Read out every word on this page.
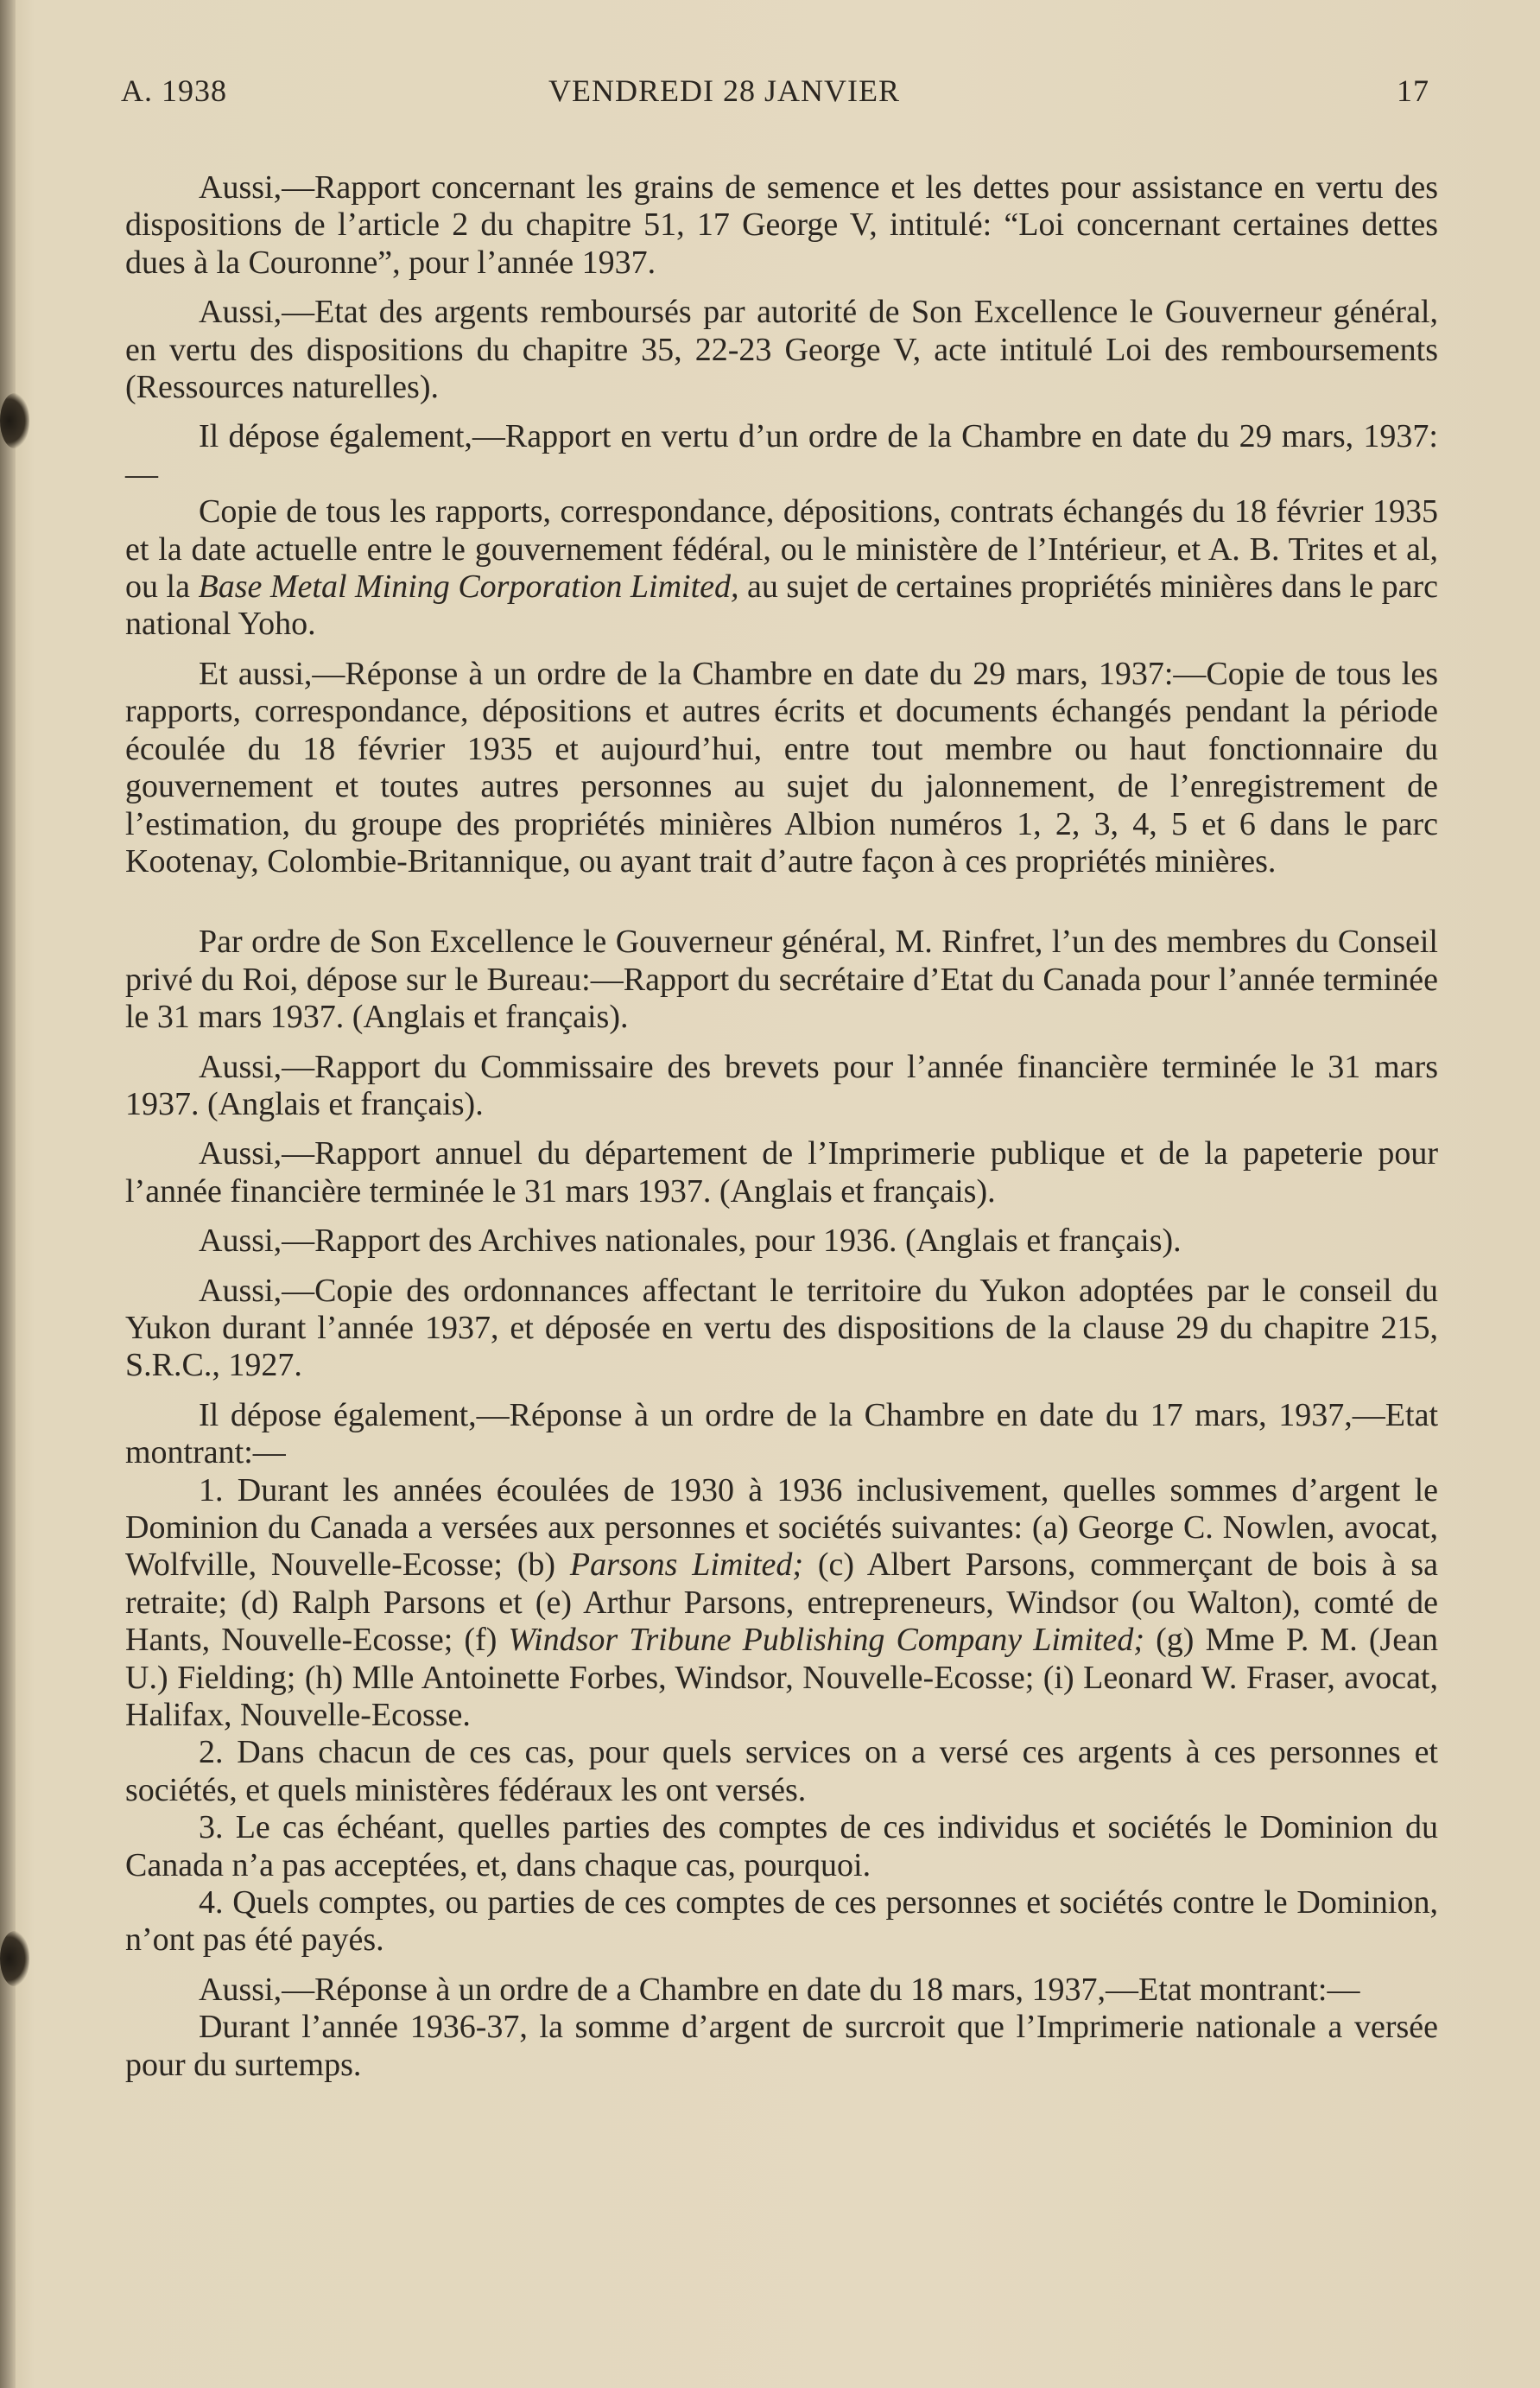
A. 1938	VENDREDI 28 JANVIER	17

Aussi,—Rapport concernant les grains de semence et les dettes pour assistance en vertu des dispositions de l’article 2 du chapitre 51, 17 George V, intitulé: “Loi concernant certaines dettes dues à la Couronne”, pour l’année 1937.

Aussi,—Etat des argents remboursés par autorité de Son Excellence le Gouverneur général, en vertu des dispositions du chapitre 35, 22-23 George V, acte intitulé Loi des remboursements (Ressources naturelles).

Il dépose également,—Rapport en vertu d’un ordre de la Chambre en date du 29 mars, 1937:—

Copie de tous les rapports, correspondance, dépositions, contrats échangés du 18 février 1935 et la date actuelle entre le gouvernement fédéral, ou le ministère de l’Intérieur, et A. B. Trites et al, ou la Base Metal Mining Corporation Limited, au sujet de certaines propriétés minières dans le parc national Yoho.

Et aussi,—Réponse à un ordre de la Chambre en date du 29 mars, 1937:—Copie de tous les rapports, correspondance, dépositions et autres écrits et documents échangés pendant la période écoulée du 18 février 1935 et aujourd’hui, entre tout membre ou haut fonctionnaire du gouvernement et toutes autres personnes au sujet du jalonnement, de l’enregistrement de l’estimation, du groupe des propriétés minières Albion numéros 1, 2, 3, 4, 5 et 6 dans le parc Kootenay, Colombie-Britannique, ou ayant trait d’autre façon à ces propriétés minières.

Par ordre de Son Excellence le Gouverneur général, M. Rinfret, l’un des membres du Conseil privé du Roi, dépose sur le Bureau:—Rapport du secrétaire d’Etat du Canada pour l’année terminée le 31 mars 1937. (Anglais et français).

Aussi,—Rapport du Commissaire des brevets pour l’année financière terminée le 31 mars 1937. (Anglais et français).

Aussi,—Rapport annuel du département de l’Imprimerie publique et de la papeterie pour l’année financière terminée le 31 mars 1937. (Anglais et français).

Aussi,—Rapport des Archives nationales, pour 1936. (Anglais et français).

Aussi,—Copie des ordonnances affectant le territoire du Yukon adoptées par le conseil du Yukon durant l’année 1937, et déposée en vertu des dispositions de la clause 29 du chapitre 215, S.R.C., 1927.

Il dépose également,—Réponse à un ordre de la Chambre en date du 17 mars, 1937,—Etat montrant:—

1. Durant les années écoulées de 1930 à 1936 inclusivement, quelles sommes d’argent le Dominion du Canada a versées aux personnes et sociétés suivantes: (a) George C. Nowlen, avocat, Wolfville, Nouvelle-Ecosse; (b) Parsons Limited; (c) Albert Parsons, commerçant de bois à sa retraite; (d) Ralph Parsons et (e) Arthur Parsons, entrepreneurs, Windsor (ou Walton), comté de Hants, Nouvelle-Ecosse; (f) Windsor Tribune Publishing Company Limited; (g) Mme P. M. (Jean U.) Fielding; (h) Mlle Antoinette Forbes, Windsor, Nouvelle-Ecosse; (i) Leonard W. Fraser, avocat, Halifax, Nouvelle-Ecosse.

2. Dans chacun de ces cas, pour quels services on a versé ces argents à ces personnes et sociétés, et quels ministères fédéraux les ont versés.

3. Le cas échéant, quelles parties des comptes de ces individus et sociétés le Dominion du Canada n’a pas acceptées, et, dans chaque cas, pourquoi.

4. Quels comptes, ou parties de ces comptes de ces personnes et sociétés contre le Dominion, n’ont pas été payés.

Aussi,—Réponse à un ordre de a Chambre en date du 18 mars, 1937,—Etat montrant:—

Durant l’année 1936-37, la somme d’argent de surcroit que l’Imprimerie nationale a versée pour du surtemps.
